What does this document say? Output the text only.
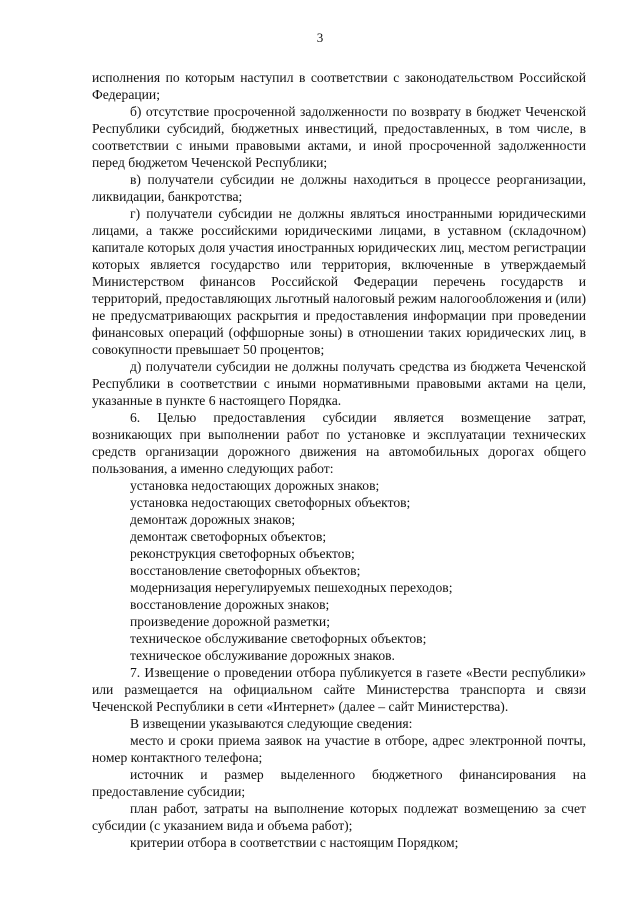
3

исполнения по которым наступил в соответствии с законодательством Российской Федерации;

б) отсутствие просроченной задолженности по возврату в бюджет Чеченской Республики субсидий, бюджетных инвестиций, предоставленных, в том числе, в соответствии с иными правовыми актами, и иной просроченной задолженности перед бюджетом Чеченской Республики;

в) получатели субсидии не должны находиться в процессе реорганизации, ликвидации, банкротства;

г) получатели субсидии не должны являться иностранными юридическими лицами, а также российскими юридическими лицами, в уставном (складочном) капитале которых доля участия иностранных юридических лиц, местом регистрации которых является государство или территория, включенные в утверждаемый Министерством финансов Российской Федерации перечень государств и территорий, предоставляющих льготный налоговый режим налогообложения и (или) не предусматривающих раскрытия и предоставления информации при проведении финансовых операций (оффшорные зоны) в отношении таких юридических лиц, в совокупности превышает 50 процентов;

д) получатели субсидии не должны получать средства из бюджета Чеченской Республики в соответствии с иными нормативными правовыми актами на цели, указанные в пункте 6 настоящего Порядка.

6. Целью предоставления субсидии является возмещение затрат, возникающих при выполнении работ по установке и эксплуатации технических средств организации дорожного движения на автомобильных дорогах общего пользования, а именно следующих работ:

установка недостающих дорожных знаков;

установка недостающих светофорных объектов;

демонтаж дорожных знаков;

демонтаж светофорных объектов;

реконструкция светофорных объектов;

восстановление светофорных объектов;

модернизация нерегулируемых пешеходных переходов;

восстановление дорожных знаков;

произведение дорожной разметки;

техническое обслуживание светофорных объектов;

техническое обслуживание дорожных знаков.

7. Извещение о проведении отбора публикуется в газете «Вести республики» или размещается на официальном сайте Министерства транспорта и связи Чеченской Республики в сети «Интернет» (далее – сайт Министерства).

В извещении указываются следующие сведения:

место и сроки приема заявок на участие в отборе, адрес электронной почты, номер контактного телефона;

источник и размер выделенного бюджетного финансирования на предоставление субсидии;

план работ, затраты на выполнение которых подлежат возмещению за счет субсидии (с указанием вида и объема работ);

критерии отбора в соответствии с настоящим Порядком;
